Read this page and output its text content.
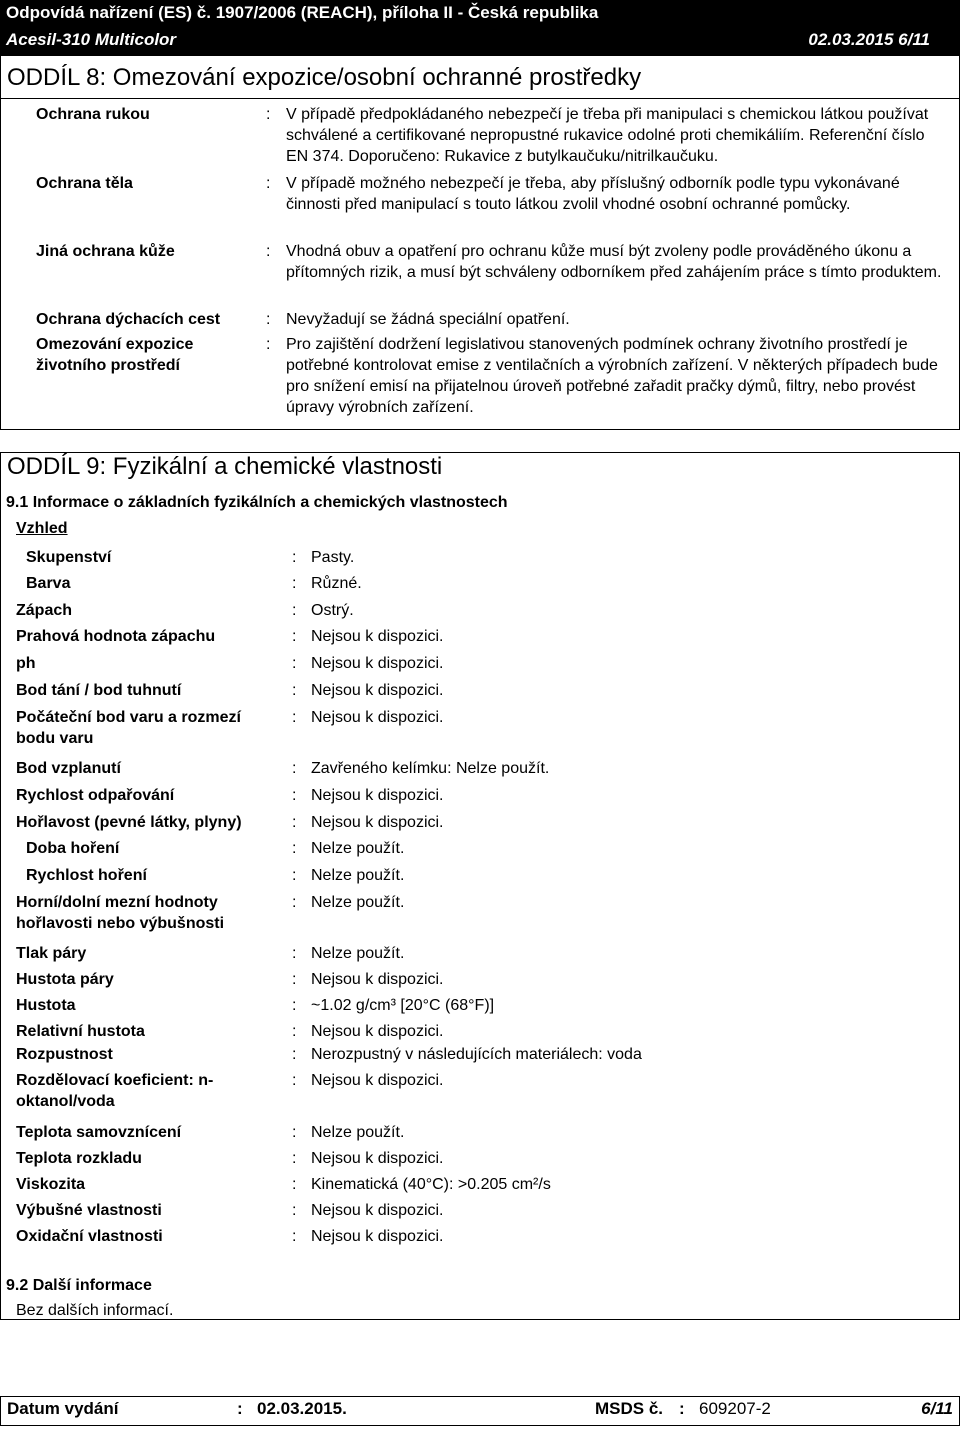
Odpovídá nařízení (ES) č. 1907/2006 (REACH), příloha II - Česká republika
Acesil-310 Multicolor	02.03.2015 6/11
ODDÍL 8: Omezování expozice/osobní ochranné prostředky
Ochrana rukou	: V případě předpokládaného nebezpečí je třeba při manipulaci s chemickou látkou používat schválené a certifikované nepropustné rukavice odolné proti chemikáliím. Referenční číslo EN 374. Doporučeno: Rukavice z butylkaučuku/nitrilkaučuku.
Ochrana těla	: V případě možného nebezpečí je třeba, aby příslušný odborník podle typu vykonávané činnosti před manipulací s touto látkou zvolil vhodné osobní ochranné pomůcky.
Jiná ochrana kůže	: Vhodná obuv a opatření pro ochranu kůže musí být zvoleny podle prováděného úkonu a přítomných rizik, a musí být schváleny odborníkem před zahájením práce s tímto produktem.
Ochrana dýchacích cest	: Nevyžadují se žádná speciální opatření.
Omezování expozice životního prostředí
: Pro zajištění dodržení legislativou stanovených podmínek ochrany životního prostředí je potřebné kontrolovat emise z ventilačních a výrobních zařízení. V některých případech bude pro snížení emisí na přijatelnou úroveň potřebné zařadit pračky dýmů, filtry, nebo provést úpravy výrobních zařízení.
ODDÍL 9: Fyzikální a chemické vlastnosti
9.1 Informace o základních fyzikálních a chemických vlastnostech
Vzhled
Skupenství	: Pasty.
Barva	: Různé.
Zápach	: Ostrý.
Prahová hodnota zápachu	: Nejsou k dispozici.
ph	: Nejsou k dispozici.
Bod tání / bod tuhnutí	: Nejsou k dispozici.
Počáteční bod varu a rozmezí bodu varu
: Nejsou k dispozici.
Bod vzplanutí	: Zavřeného kelímku: Nelze použít.
Rychlost odpařování	: Nejsou k dispozici.
Hořlavost (pevné látky, plyny)	: Nejsou k dispozici.
Doba hoření	: Nelze použít.
Rychlost hoření	: Nelze použít.
Horní/dolní mezní hodnoty hořlavosti nebo výbušnosti
: Nelze použít.
Tlak páry	: Nelze použít.
Hustota páry	: Nejsou k dispozici.
Hustota	: ~1.02 g/cm³ [20°C (68°F)]
Relativní hustota	: Nejsou k dispozici.
Rozpustnost	: Nerozpustný v následujících materiálech: voda
Rozdělovací koeficient: n-oktanol/voda
: Nejsou k dispozici.
Teplota samovznícení	: Nelze použít.
Teplota rozkladu	: Nejsou k dispozici.
Viskozita	: Kinematická (40°C): >0.205 cm²/s
Výbušné vlastnosti	: Nejsou k dispozici.
Oxidační vlastnosti	: Nejsou k dispozici.
9.2 Další informace
Bez dalších informací.
Datum vydání	: 02.03.2015.	MSDS č. : 609207-2	6/11
